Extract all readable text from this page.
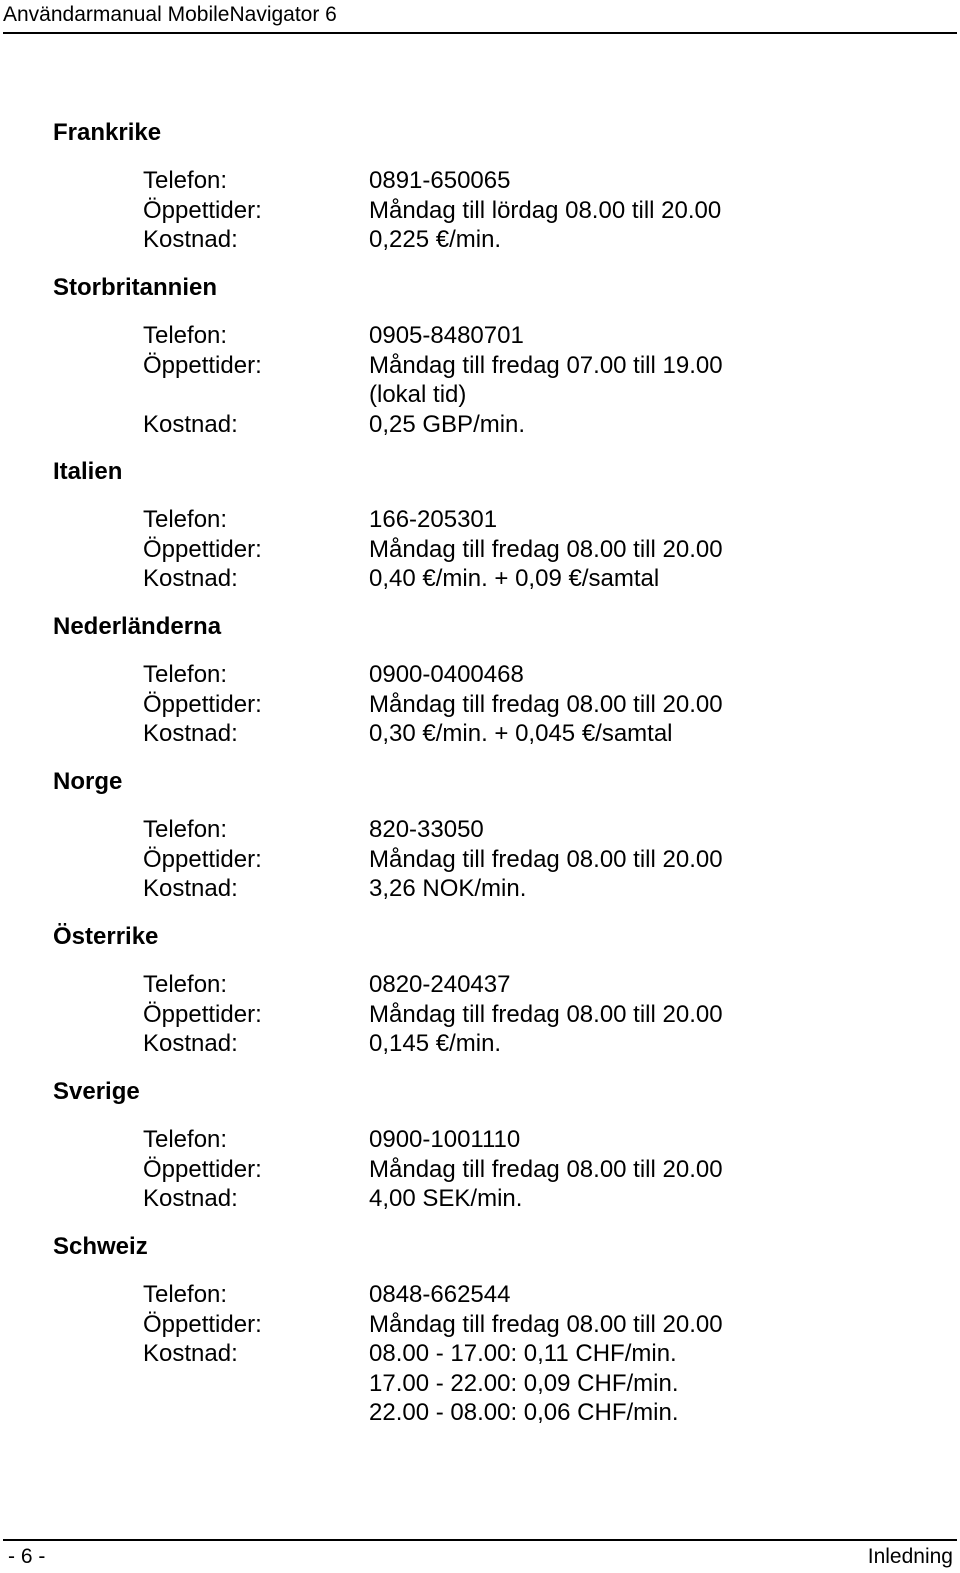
Användarmanual MobileNavigator 6
Frankrike
Telefon:	0891-650065
Öppettider:	Måndag till lördag 08.00 till 20.00
Kostnad:	0,225 €/min.
Storbritannien
Telefon:	0905-8480701
Öppettider:	Måndag till fredag 07.00 till 19.00
(lokal tid)
Kostnad:	0,25 GBP/min.
Italien
Telefon:	166-205301
Öppettider:	Måndag till fredag 08.00 till 20.00
Kostnad:	0,40 €/min. + 0,09 €/samtal
Nederländerna
Telefon:	0900-0400468
Öppettider:	Måndag till fredag 08.00 till 20.00
Kostnad:	0,30 €/min. + 0,045 €/samtal
Norge
Telefon:	820-33050
Öppettider:	Måndag till fredag 08.00 till 20.00
Kostnad:	3,26 NOK/min.
Österrike
Telefon:	0820-240437
Öppettider:	Måndag till fredag 08.00 till 20.00
Kostnad:	0,145 €/min.
Sverige
Telefon:	0900-1001110
Öppettider:	Måndag till fredag 08.00 till 20.00
Kostnad:	4,00 SEK/min.
Schweiz
Telefon:	0848-662544
Öppettider:	Måndag till fredag 08.00 till 20.00
Kostnad:	08.00 - 17.00: 0,11 CHF/min.
17.00 - 22.00: 0,09 CHF/min.
22.00 - 08.00: 0,06 CHF/min.
- 6 -	Inledning
